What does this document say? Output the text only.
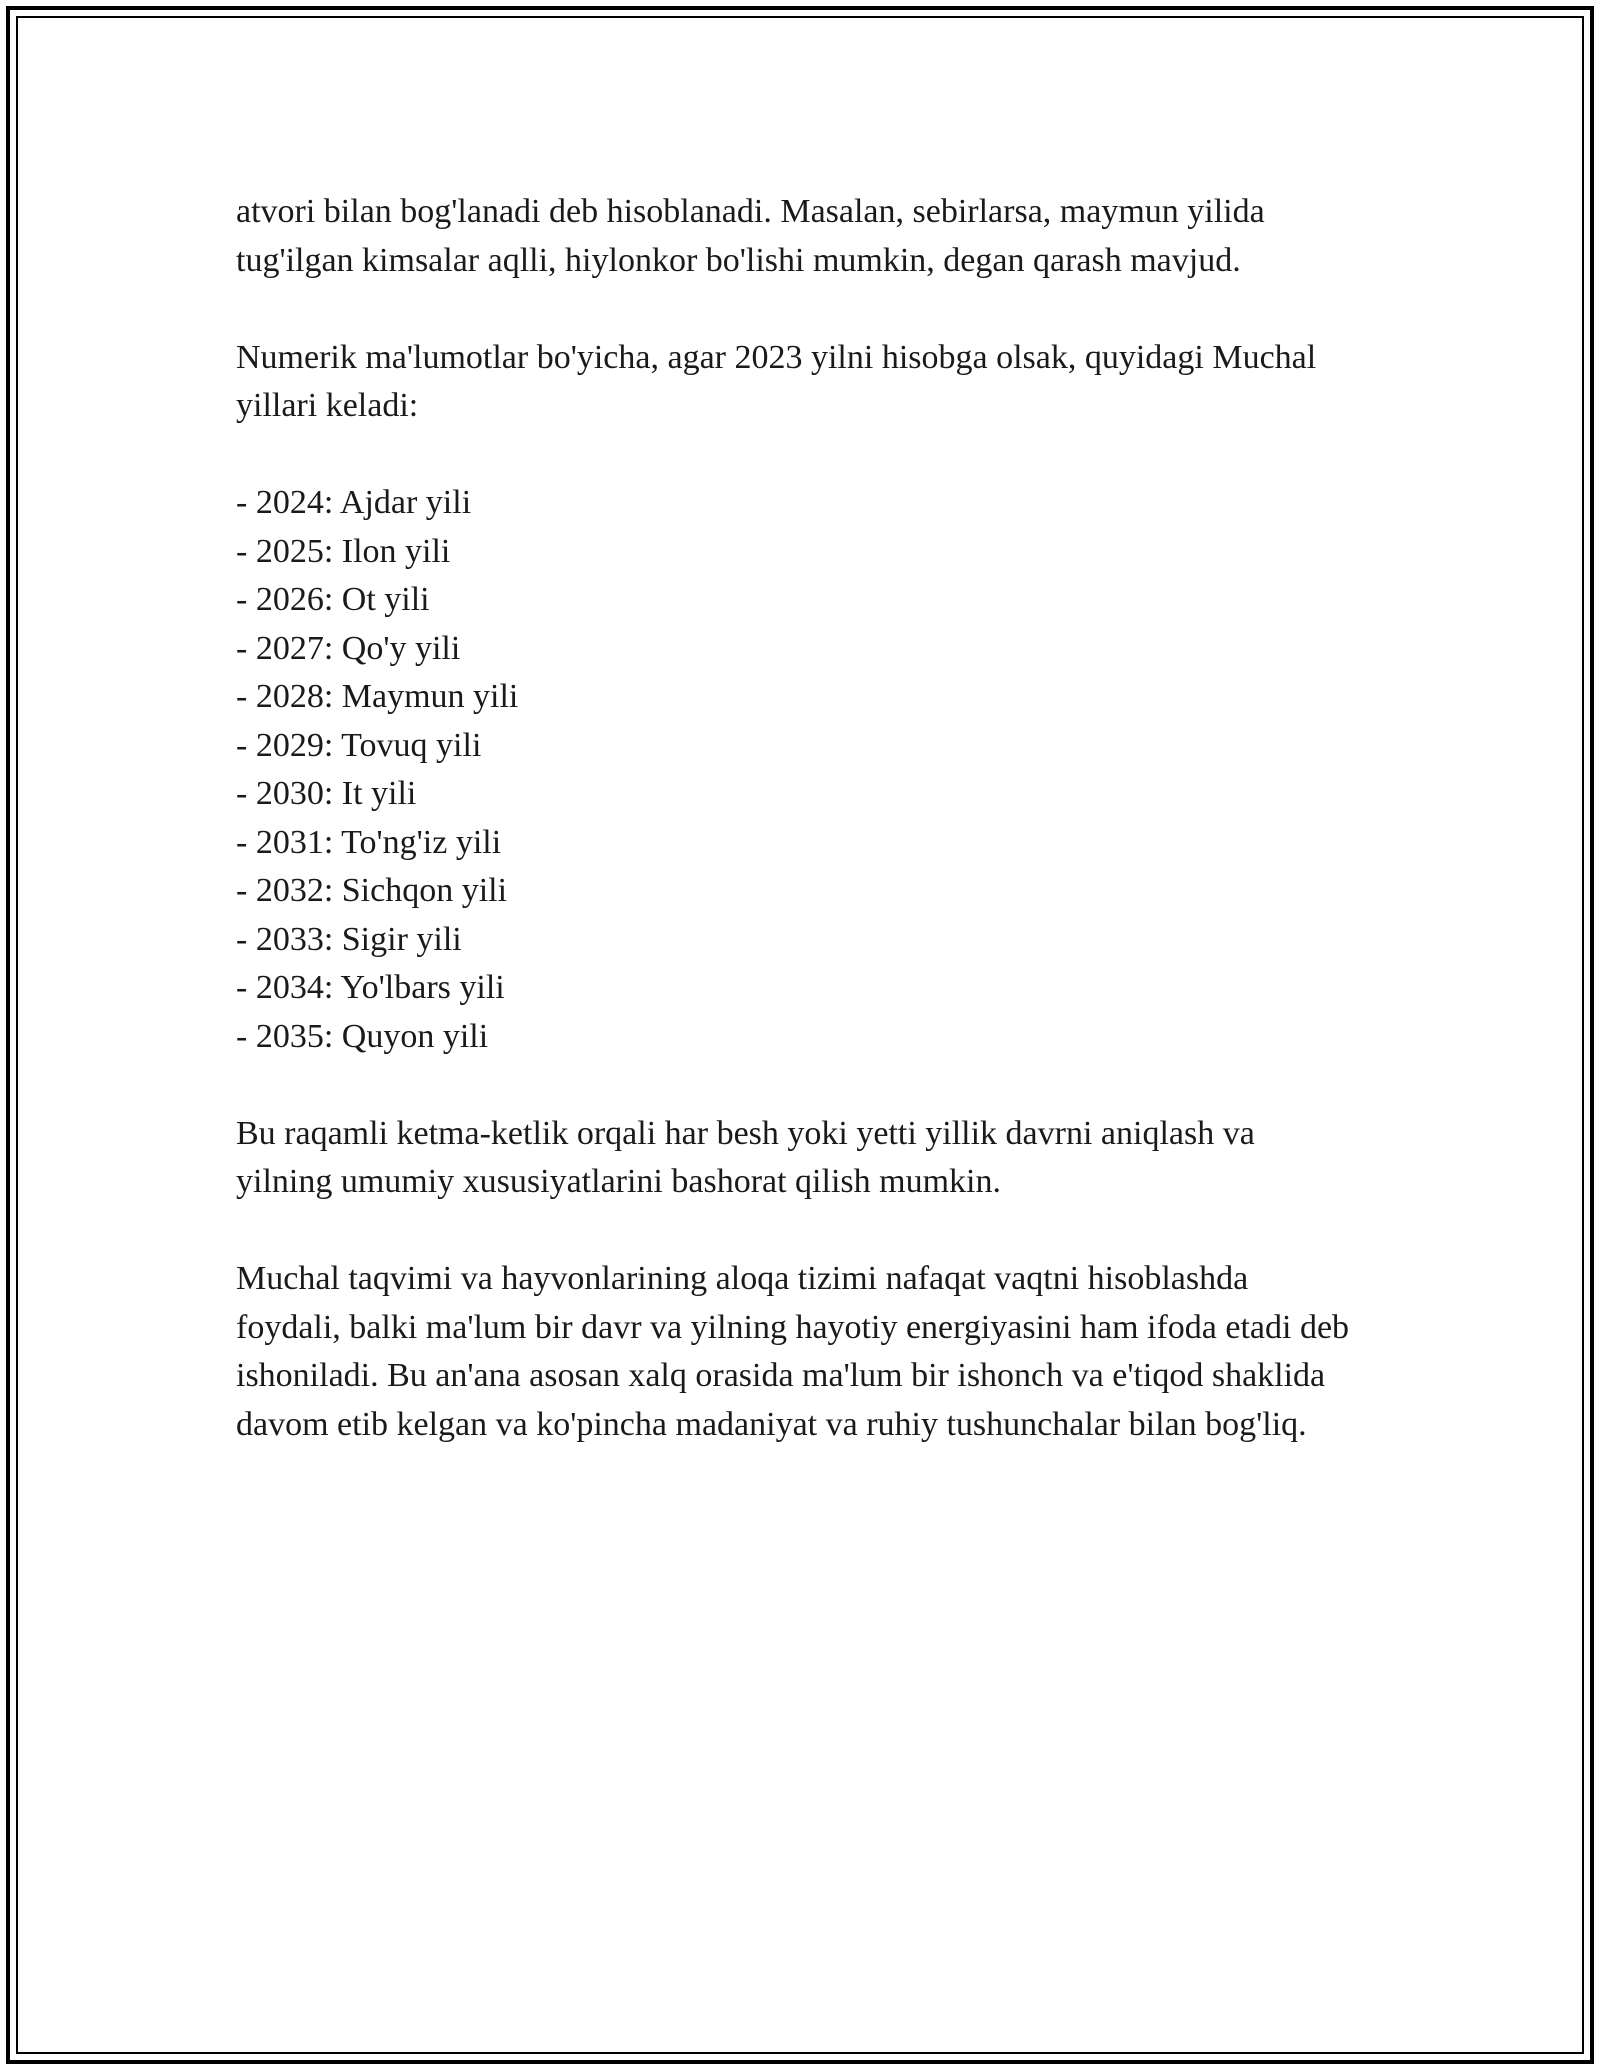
atvori bilan bog'lanadi deb hisoblanadi. Masalan, sebirlarsa, maymun yilida tug'ilgan kimsalar aqlli, hiylonkor bo'lishi mumkin, degan qarash mavjud.

Numerik ma'lumotlar bo'yicha, agar 2023 yilni hisobga olsak, quyidagi Muchal yillari keladi:

- 2024: Ajdar yili
- 2025: Ilon yili
- 2026: Ot yili
- 2027: Qo'y yili
- 2028: Maymun yili
- 2029: Tovuq yili
- 2030: It yili
- 2031: To'ng'iz yili
- 2032: Sichqon yili
- 2033: Sigir yili
- 2034: Yo'lbars yili
- 2035: Quyon yili

Bu raqamli ketma-ketlik orqali har besh yoki yetti yillik davrni aniqlash va yilning umumiy xususiyatlarini bashorat qilish mumkin.

Muchal taqvimi va hayvonlarining aloqa tizimi nafaqat vaqtni hisoblashda foydali, balki ma'lum bir davr va yilning hayotiy energiyasini ham ifoda etadi deb ishoniladi. Bu an'ana asosan xalq orasida ma'lum bir ishonch va e'tiqod shaklida davom etib kelgan va ko'pincha madaniyat va ruhiy tushunchalar bilan bog'liq.
